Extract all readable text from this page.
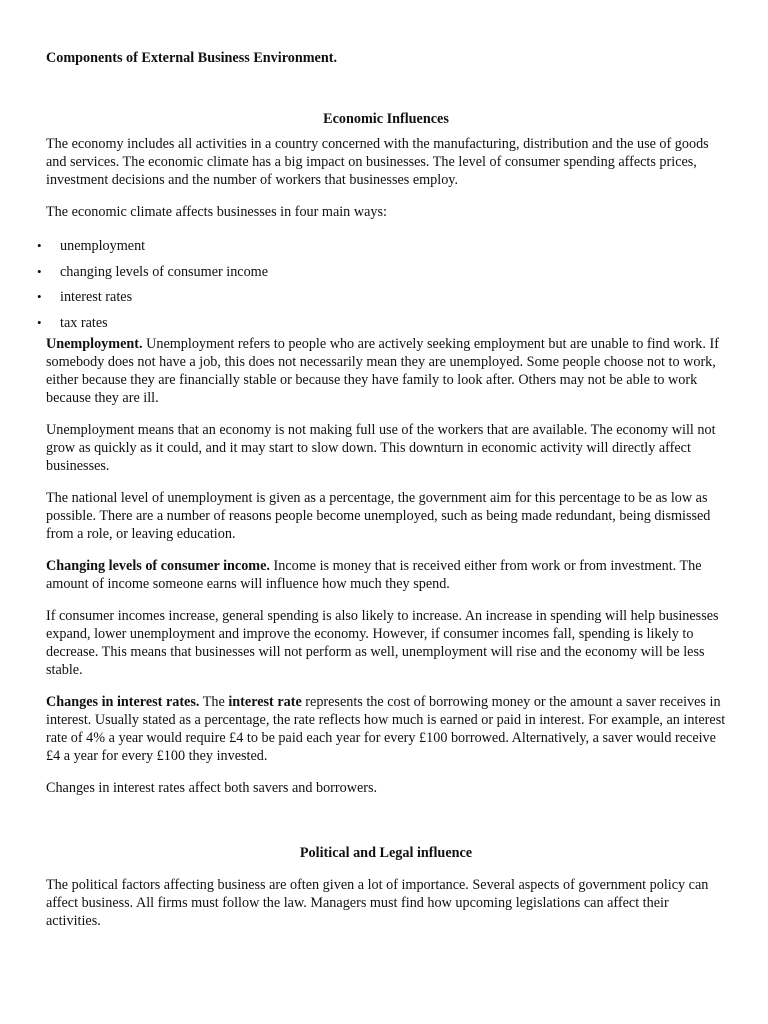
Components of External Business Environment.

Economic Influences

The economy includes all activities in a country concerned with the manufacturing, distribution and the use of goods and services. The economic climate has a big impact on businesses. The level of consumer spending affects prices, investment decisions and the number of workers that businesses employ.

The economic climate affects businesses in four main ways:

• unemployment
• changing levels of consumer income
• interest rates
• tax rates

Unemployment. Unemployment refers to people who are actively seeking employment but are unable to find work. If somebody does not have a job, this does not necessarily mean they are unemployed. Some people choose not to work, either because they are financially stable or because they have family to look after. Others may not be able to work because they are ill.

Unemployment means that an economy is not making full use of the workers that are available. The economy will not grow as quickly as it could, and it may start to slow down. This downturn in economic activity will directly affect businesses.

The national level of unemployment is given as a percentage, the government aim for this percentage to be as low as possible. There are a number of reasons people become unemployed, such as being made redundant, being dismissed from a role, or leaving education.

Changing levels of consumer income. Income is money that is received either from work or from investment. The amount of income someone earns will influence how much they spend.

If consumer incomes increase, general spending is also likely to increase. An increase in spending will help businesses expand, lower unemployment and improve the economy. However, if consumer incomes fall, spending is likely to decrease. This means that businesses will not perform as well, unemployment will rise and the economy will be less stable.

Changes in interest rates. The interest rate represents the cost of borrowing money or the amount a saver receives in interest. Usually stated as a percentage, the rate reflects how much is earned or paid in interest. For example, an interest rate of 4% a year would require £4 to be paid each year for every £100 borrowed. Alternatively, a saver would receive £4 a year for every £100 they invested.

Changes in interest rates affect both savers and borrowers.

Political and Legal influence

The political factors affecting business are often given a lot of importance. Several aspects of government policy can affect business. All firms must follow the law. Managers must find how upcoming legislations can affect their activities.
